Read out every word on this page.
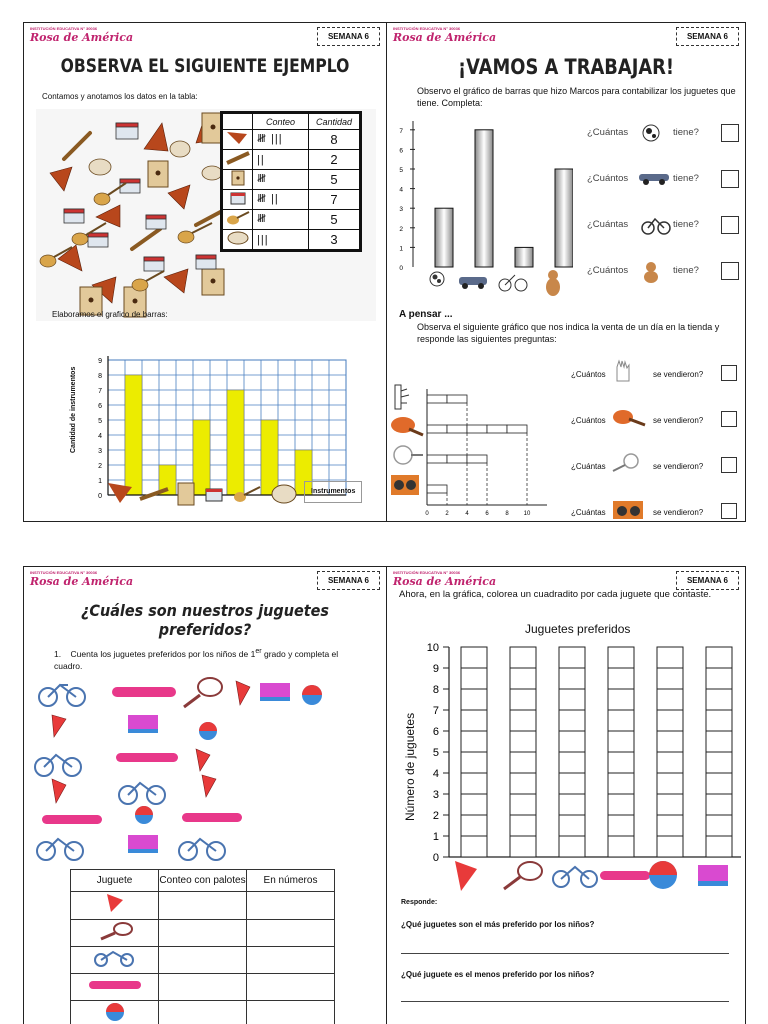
INSTITUCIÓN EDUCATIVA N° 30036
Rosa de América	SEMANA 6
OBSERVA EL SIGUIENTE EJEMPLO
Contamos y anotamos los datos en la tabla:
	Conteo	Cantidad
	𝍸 |||	8
	||	2
	𝍸	5
	𝍸 ||	7
	𝍸	5
	|||	3
Elaboramos el grafico de barras:
Cantidad de instrumentos
0
1
2
3
4
5
6
7
8
9
Instrumentos
INSTITUCIÓN EDUCATIVA N° 30036
Rosa de América	SEMANA 6
¡VAMOS A TRABAJAR!
Observo el gráfico de barras que hizo Marcos para contabilizar los juguetes que tiene. Completa:
0
1
2
3
4
5
6
7	¿Cuántas	tiene?
¿Cuántos	tiene?
¿Cuántas	tiene?
¿Cuántos	tiene?
A pensar ...
Observa el siguiente gráfico que nos indica la venta de un día en la tienda y responde las siguientes preguntas:
0	2	4	6	8 10
¿Cuántos	se vendieron?
¿Cuántos	se vendieron?
¿Cuántas	se vendieron?
¿Cuántas	se vendieron?
INSTITUCIÓN EDUCATIVA N° 30036
Rosa de América	SEMANA 6
¿Cuáles son nuestros juguetes preferidos?
1. Cuenta los juguetes preferidos por los niños de 1er grado y completa el cuadro.
Juguete	Conteo con palotes	En números

INSTITUCIÓN EDUCATIVA N° 30036
Rosa de América	SEMANA 6
Ahora, en la gráfica, colorea un cuadradito por cada juguete que contaste.
Juguetes preferidos
Número de juguetes
0
1
2
3
4
5
6
7
8
9
10
Responde:
¿Qué juguetes son el más preferido por los niños?
¿Qué juguete es el menos preferido por los niños?
